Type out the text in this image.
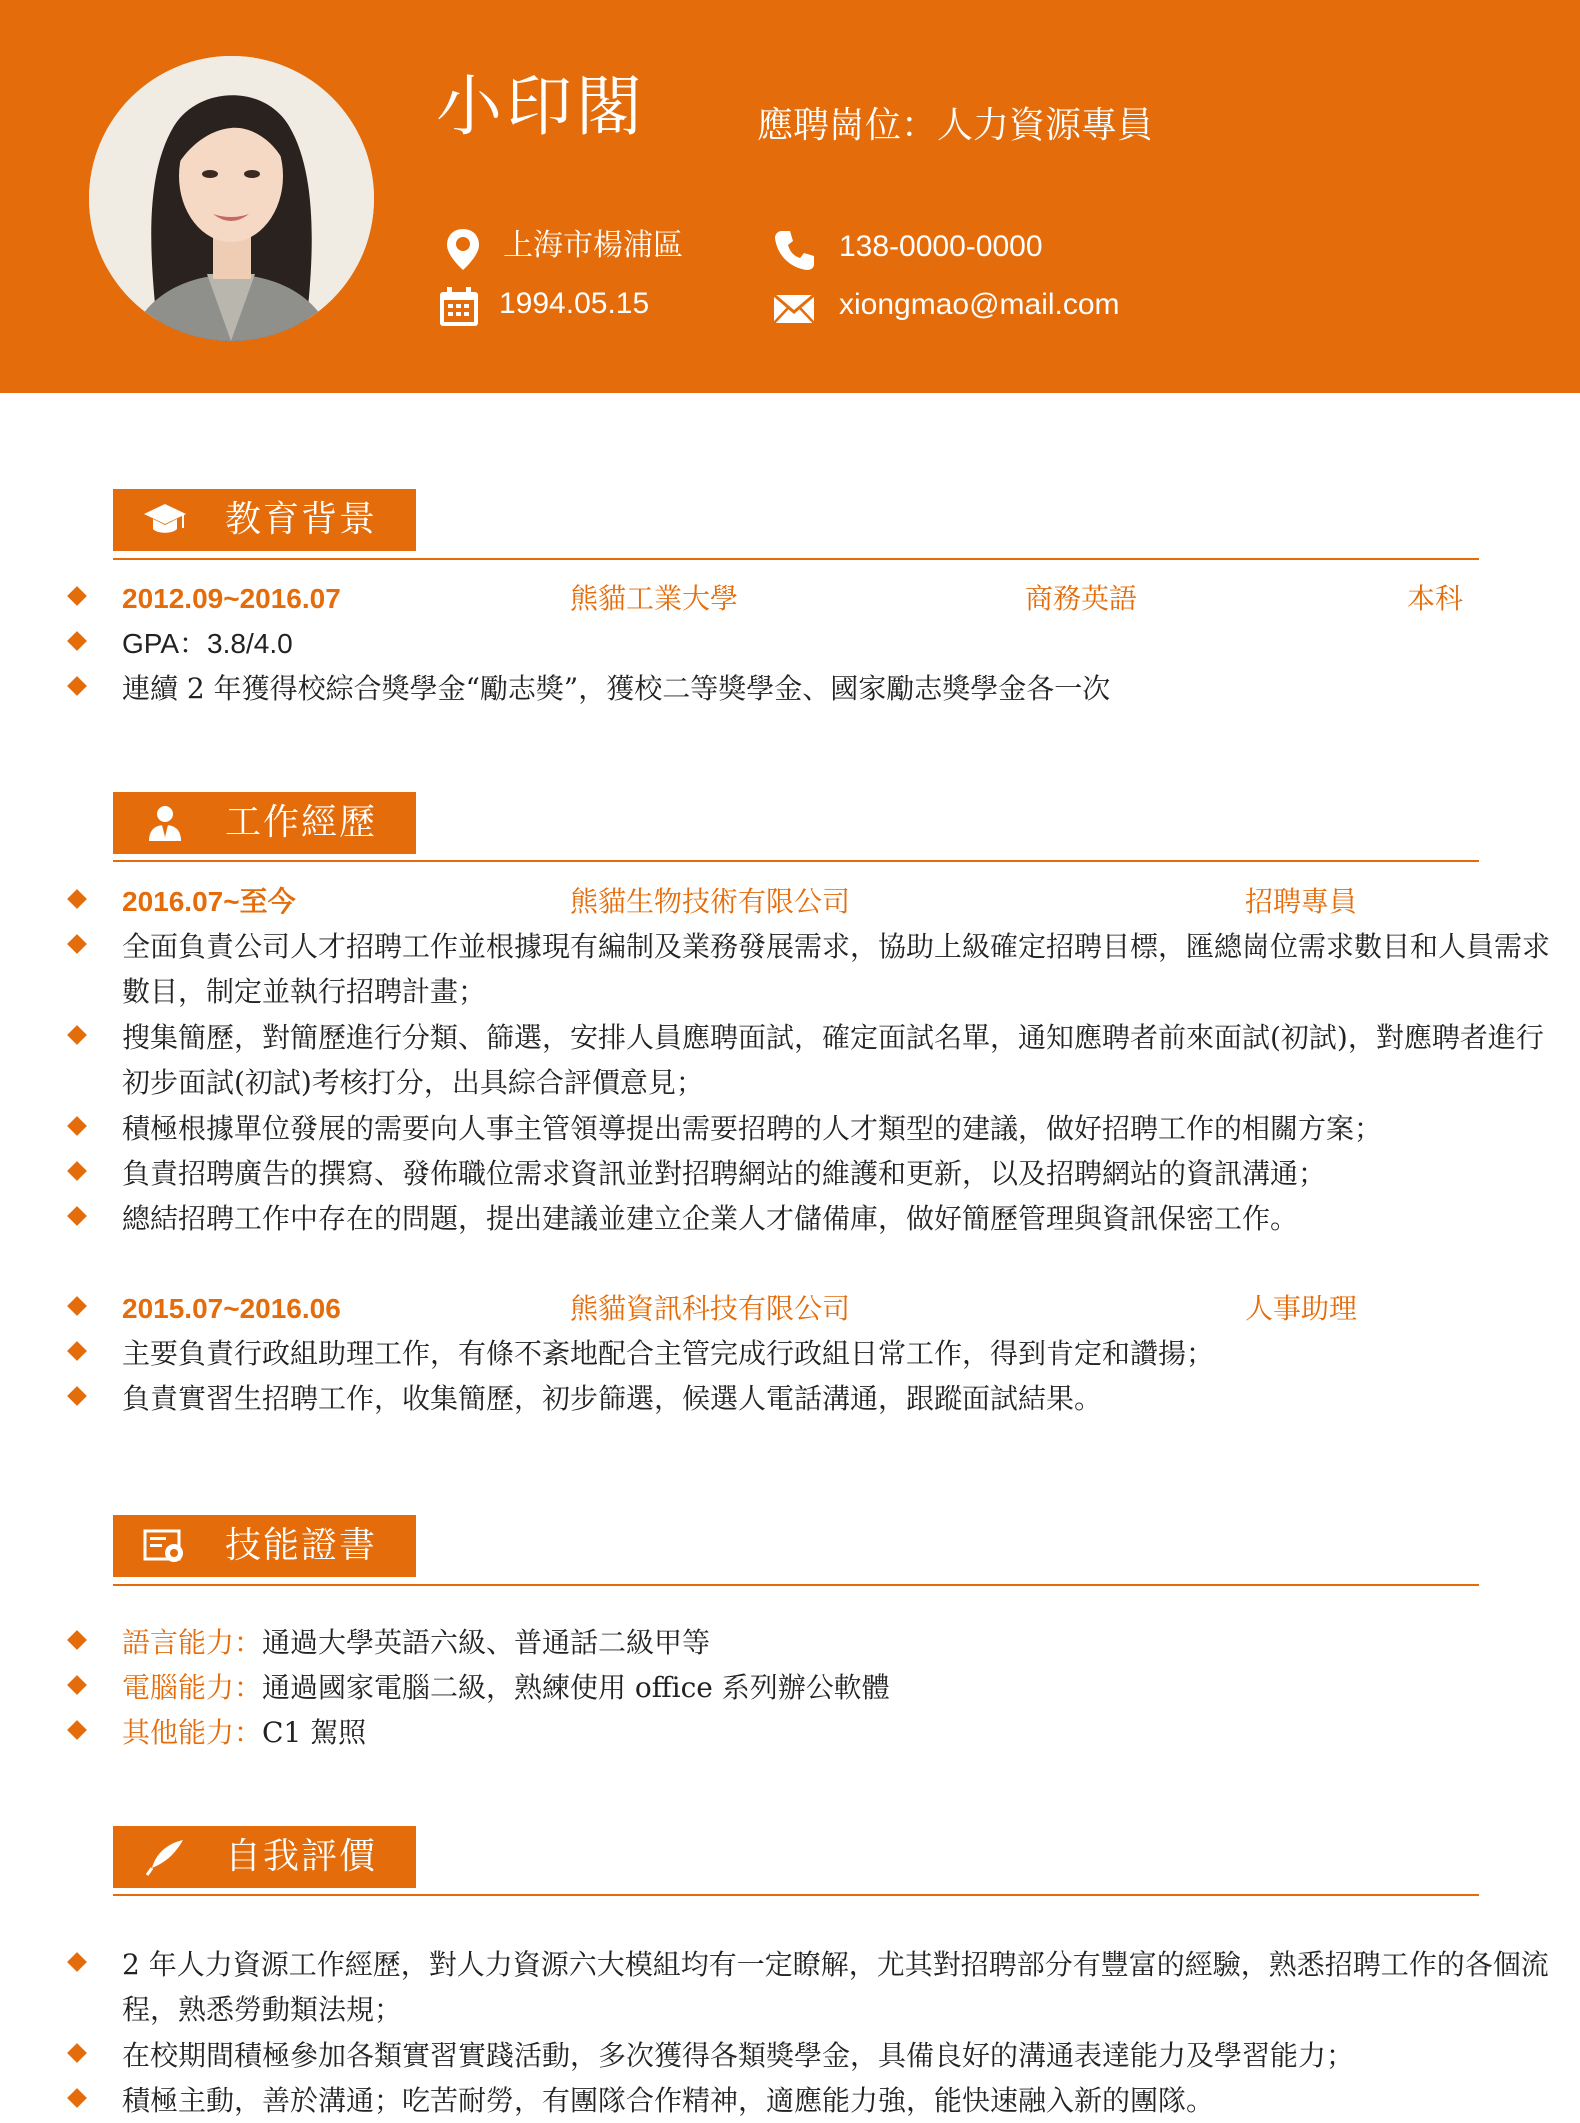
小印閣	應聘崗位：人力資源專員
上海市楊浦區
1994.05.15
138-0000-0000
xiongmao@mail.com
教育背景
2012.09~2016.07	熊貓工業大學	商務英語	本科
GPA：3.8/4.0
連續 2 年獲得校綜合獎學金“勵志獎”，獲校二等獎學金、國家勵志獎學金各一次
工作經歷
2016.07~至今	熊貓生物技術有限公司	招聘專員
全面負責公司人才招聘工作並根據現有編制及業務發展需求，協助上級確定招聘目標，匯總崗位需求數目和人員需求數目，制定並執行招聘計畫；
搜集簡歷，對簡歷進行分類、篩選，安排人員應聘面試，確定面試名單，通知應聘者前來面試(初試)，對應聘者進行初步面試(初試)考核打分，出具綜合評價意見；
積極根據單位發展的需要向人事主管領導提出需要招聘的人才類型的建議，做好招聘工作的相關方案；
負責招聘廣告的撰寫、發佈職位需求資訊並對招聘網站的維護和更新，以及招聘網站的資訊溝通；
總結招聘工作中存在的問題，提出建議並建立企業人才儲備庫，做好簡歷管理與資訊保密工作。
2015.07~2016.06	熊貓資訊科技有限公司	人事助理
主要負責行政組助理工作，有條不紊地配合主管完成行政組日常工作，得到肯定和讚揚；
負責實習生招聘工作，收集簡歷，初步篩選，候選人電話溝通，跟蹤面試結果。
技能證書
語言能力：通過大學英語六級、普通話二級甲等
電腦能力：通過國家電腦二級，熟練使用 office 系列辦公軟體
其他能力：C1 駕照
自我評價
2 年人力資源工作經歷，對人力資源六大模組均有一定瞭解，尤其對招聘部分有豐富的經驗，熟悉招聘工作的各個流程，熟悉勞動類法規；
在校期間積極參加各類實習實踐活動，多次獲得各類獎學金，具備良好的溝通表達能力及學習能力；
積極主動，善於溝通；吃苦耐勞，有團隊合作精神，適應能力強，能快速融入新的團隊。
